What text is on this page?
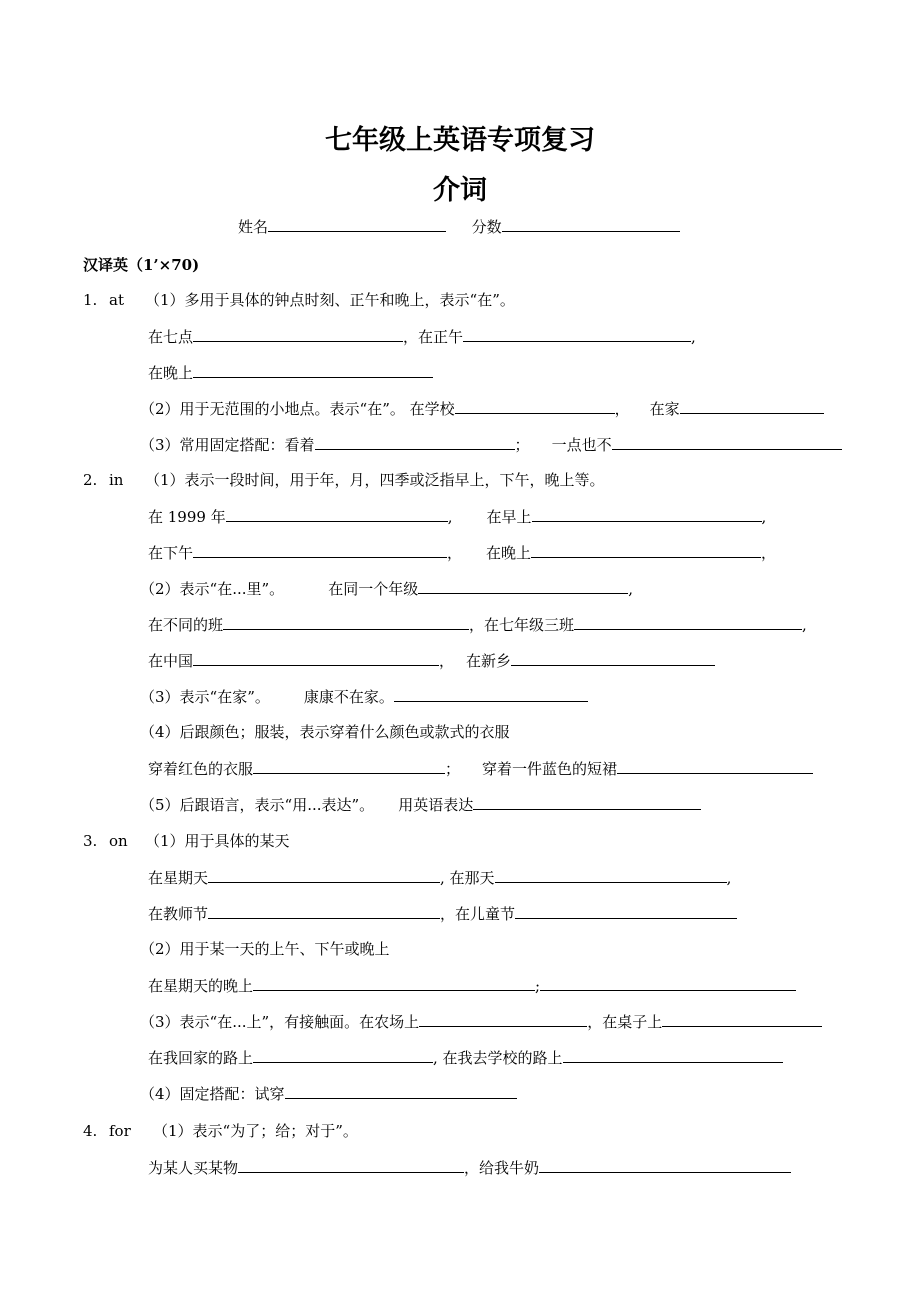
七年级上英语专项复习
介词
姓名	分数
汉译英（1’×70)
1. at （1）多用于具体的钟点时刻、正午和晚上，表示“在”。
在七点	，在正午	,
在晚上
（2）用于无范围的小地点。表示“在”。 在学校	， 在家
（3）常用固定搭配：看着	； 一点也不
2. in （1）表示一段时间，用于年，月，四季或泛指早上，下午，晚上等。
在 1999 年	, 在早上	,
在下午	， 在晚上	，
（2）表示“在...里”。	在同一个年级	,
在不同的班	，在七年级三班	,
在中国	， 在新乡
（3）表示“在家”。 康康不在家。
（4）后跟颜色；服装，表示穿着什么颜色或款式的衣服
穿着红色的衣服	； 穿着一件蓝色的短裙
（5）后跟语言，表示“用...表达”。 用英语表达
3. on （1）用于具体的某天
在星期天	, 在那天	,
在教师节	，在儿童节
（2）用于某一天的上午、下午或晚上
在星期天的晚上	;
（3）表示“在...上”，有接触面。在农场上	，在桌子上
在我回家的路上	, 在我去学校的路上
（4）固定搭配：试穿
4. for （1）表示“为了；给；对于”。
为某人买某物	，给我牛奶
